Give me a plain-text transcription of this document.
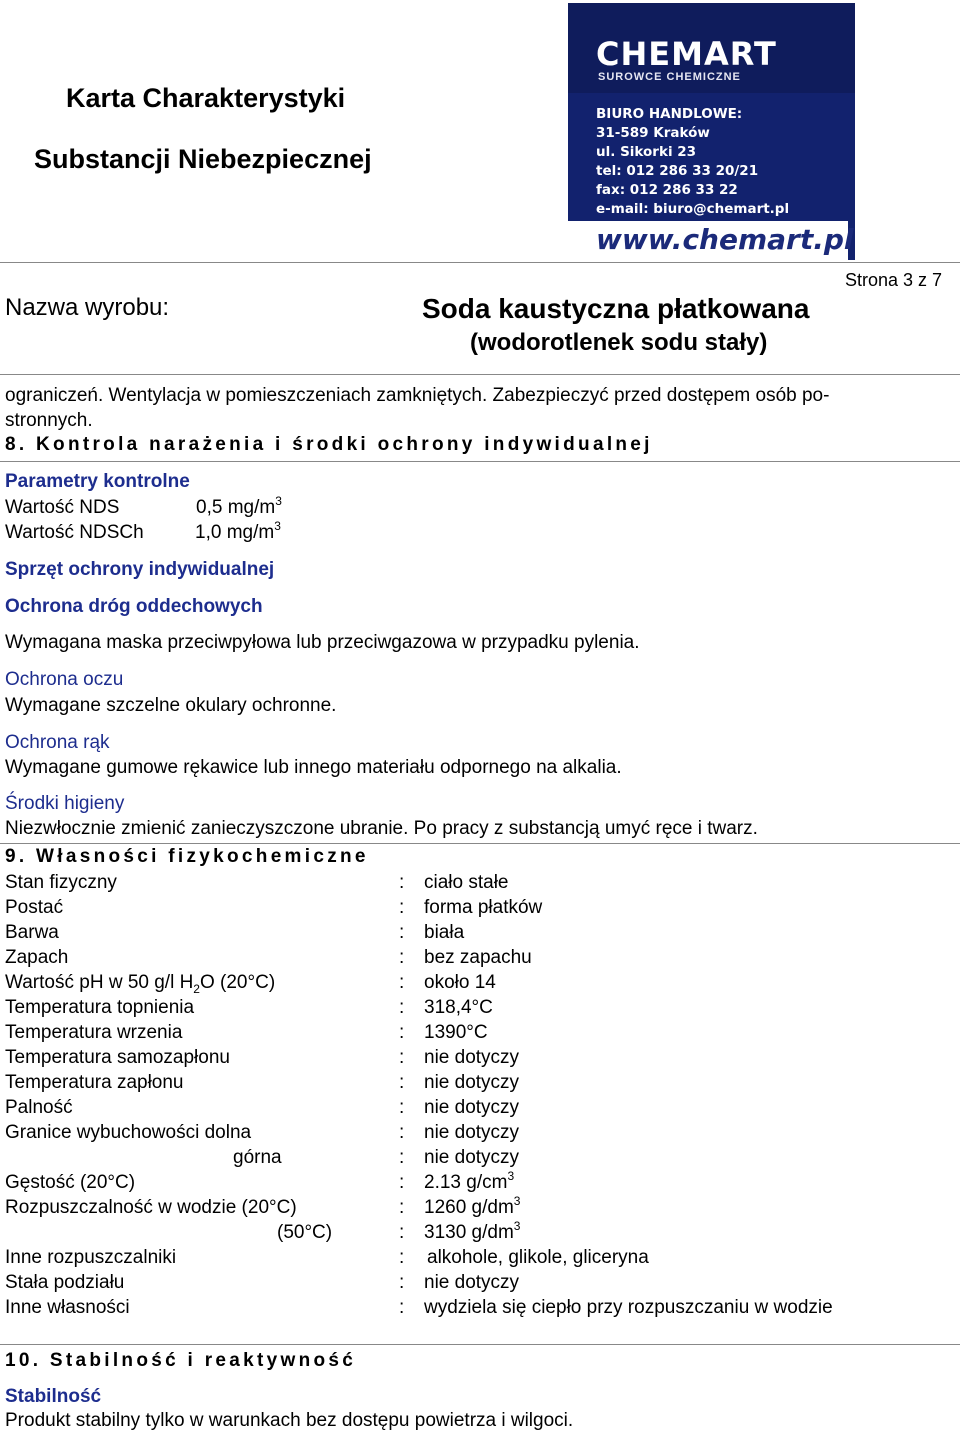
Karta Charakterystyki
Substancji Niebezpiecznej
CHEMART
SUROWCE CHEMICZNE
BIURO HANDLOWE:
31-589 Kraków
ul. Sikorki 23
tel: 012 286 33 20/21
fax: 012 286 33 22
e-mail: biuro@chemart.pl
www.chemart.pl
Strona 3 z 7
Nazwa wyrobu:	Soda kaustyczna płatkowana
(wodorotlenek sodu stały)
ograniczeń. Wentylacja w pomieszczeniach zamkniętych. Zabezpieczyć przed dostępem osób po-
stronnych.
8. Kontrola narażenia i środki ochrony indywidualnej
Parametry kontrolne
Wartość NDS	0,5 $mg/m^3$
Wartość NDSCh	1,0 $mg/m^3$
Sprzęt ochrony indywidualnej
Ochrona dróg oddechowych
Wymagana maska przeciwpyłowa lub przeciwgazowa w przypadku pylenia.
Ochrona oczu
Wymagane szczelne okulary ochronne.
Ochrona rąk
Wymagane gumowe rękawice lub innego materiału odpornego na alkalia.
Środki higieny
Niezwłocznie zmienić zanieczyszczone ubranie. Po pracy z substancją umyć ręce i twarz.
9. Własności fizykochemiczne
Stan fizyczny	: ciało stałe
Postać	: forma płatków
Barwa	: biała
Zapach	: bez zapachu
Wartość pH w 50 g/l $H_2O$ (20°C)	: około 14
Temperatura topnienia	: 318,4°C
Temperatura wrzenia	: 1390°C
Temperatura samozapłonu	: nie dotyczy
Temperatura zapłonu	: nie dotyczy
Palność	: nie dotyczy
Granice wybuchowości dolna	: nie dotyczy
górna	: nie dotyczy
Gęstość (20°C)	: 2.13 $g/cm^3$
Rozpuszczalność w wodzie (20°C)	: 1260 $g/dm^3$
(50°C)	: 3130 $g/dm^3$
Inne rozpuszczalniki	: alkohole, glikole, gliceryna
Stała podziału	: nie dotyczy
Inne własności	: wydziela się ciepło przy rozpuszczaniu w wodzie
10. Stabilność i reaktywność
Stabilność
Produkt stabilny tylko w warunkach bez dostępu powietrza i wilgoci.
